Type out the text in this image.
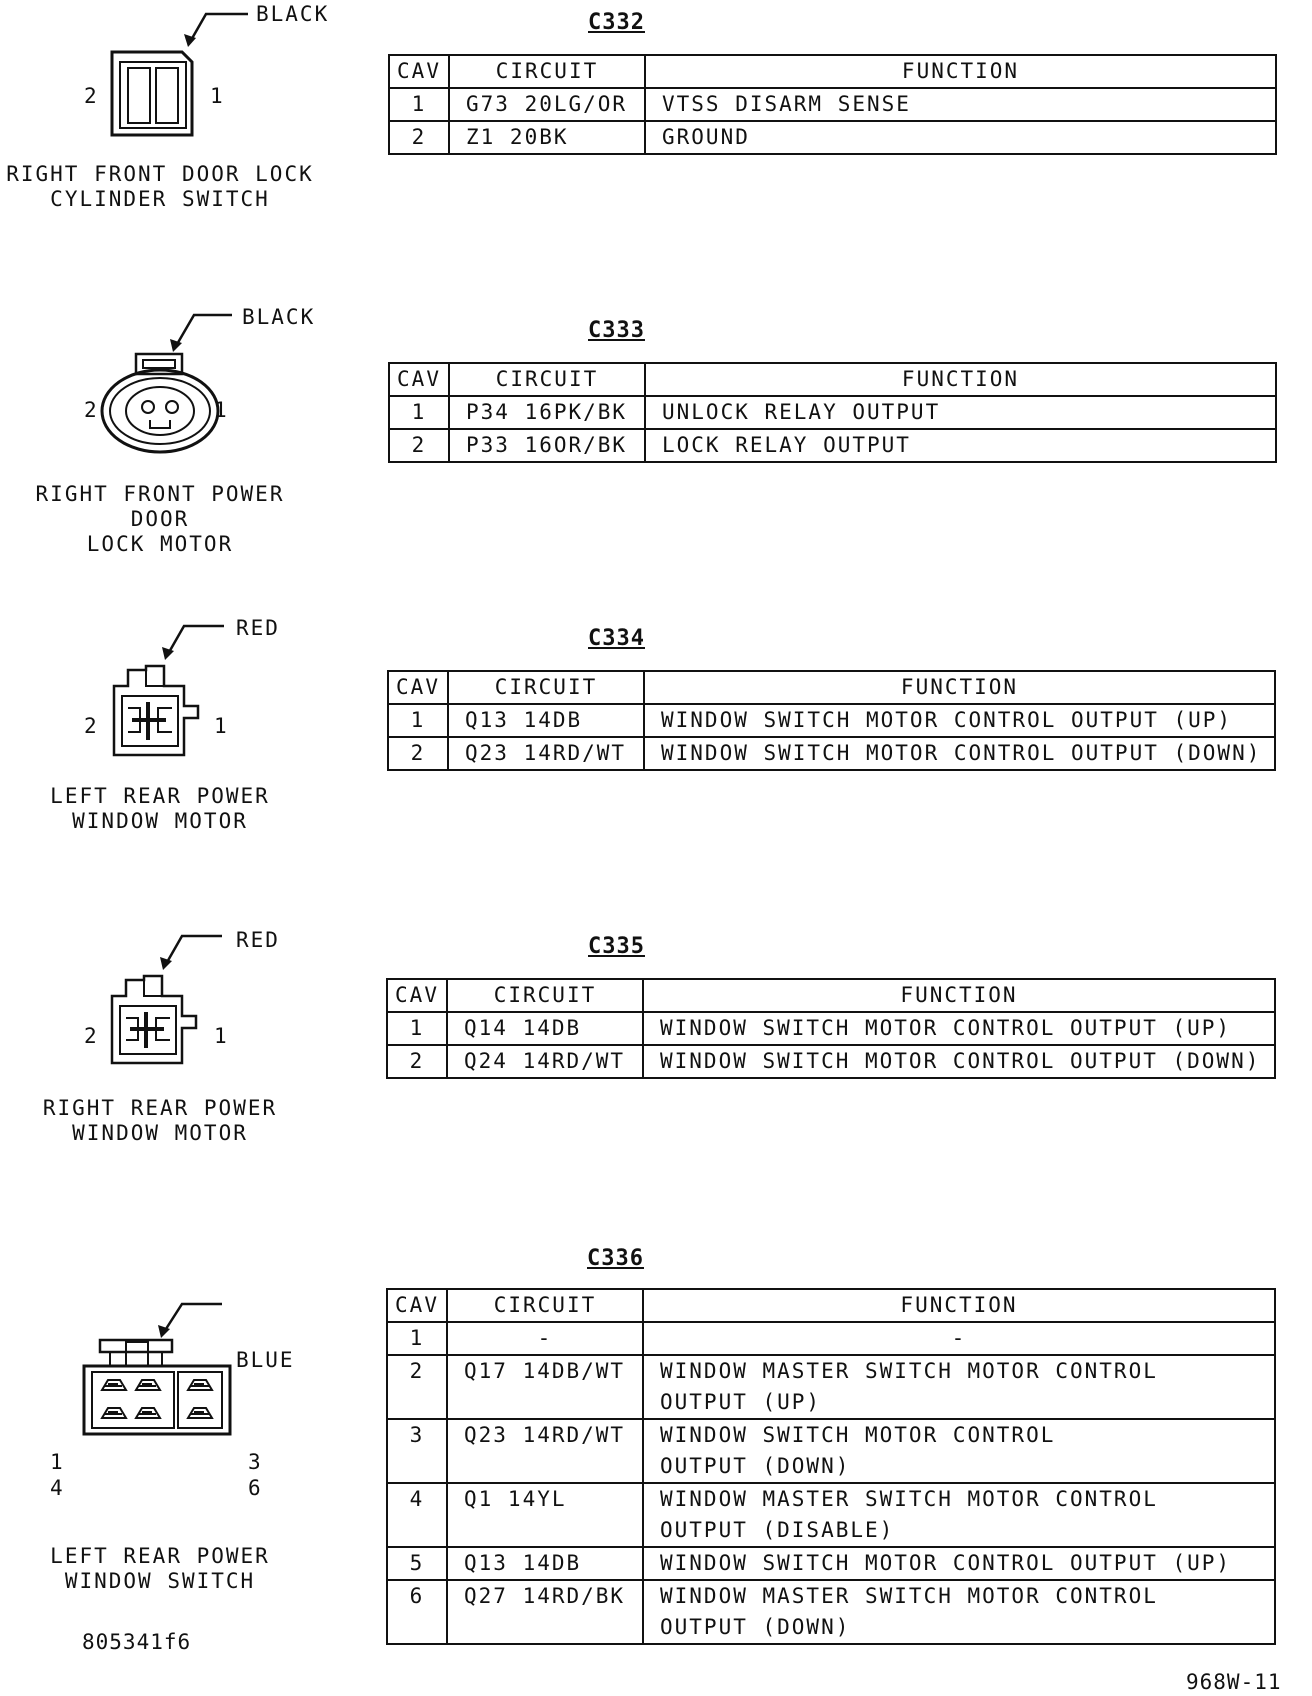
BLACK
2	1
RIGHT FRONT DOOR LOCK
CYLINDER SWITCH
C332
CAV	CIRCUIT	FUNCTION
1	G73 20LG/OR	VTSS DISARM SENSE
2	Z1 20BK	GROUND
BLACK
2	1
RIGHT FRONT POWER DOOR
LOCK MOTOR
C333
CAV	CIRCUIT	FUNCTION
1	P34 16PK/BK	UNLOCK RELAY OUTPUT
2	P33 16OR/BK	LOCK RELAY OUTPUT
RED
2	1
LEFT REAR POWER
WINDOW MOTOR
C334
CAV	CIRCUIT	FUNCTION
1	Q13 14DB	WINDOW SWITCH MOTOR CONTROL OUTPUT (UP)
2	Q23 14RD/WT	WINDOW SWITCH MOTOR CONTROL OUTPUT (DOWN)
RED
2	1
RIGHT REAR POWER
WINDOW MOTOR
C335
CAV	CIRCUIT	FUNCTION
1	Q14 14DB	WINDOW SWITCH MOTOR CONTROL OUTPUT (UP)
2	Q24 14RD/WT	WINDOW SWITCH MOTOR CONTROL OUTPUT (DOWN)
BLUE
1
4
3
6
LEFT REAR POWER
WINDOW SWITCH
C336
CAV	CIRCUIT	FUNCTION
1	-	-
2	Q17 14DB/WT	WINDOW MASTER SWITCH MOTOR CONTROL
OUTPUT (UP)

3	Q23 14RD/WT	WINDOW SWITCH MOTOR CONTROL
OUTPUT (DOWN)

4	Q1 14YL	WINDOW MASTER SWITCH MOTOR CONTROL
OUTPUT (DISABLE)

5	Q13 14DB	WINDOW SWITCH MOTOR CONTROL OUTPUT (UP)
6	Q27 14RD/BK	WINDOW MASTER SWITCH MOTOR CONTROL
OUTPUT (DOWN)
805341f6
968W-11
